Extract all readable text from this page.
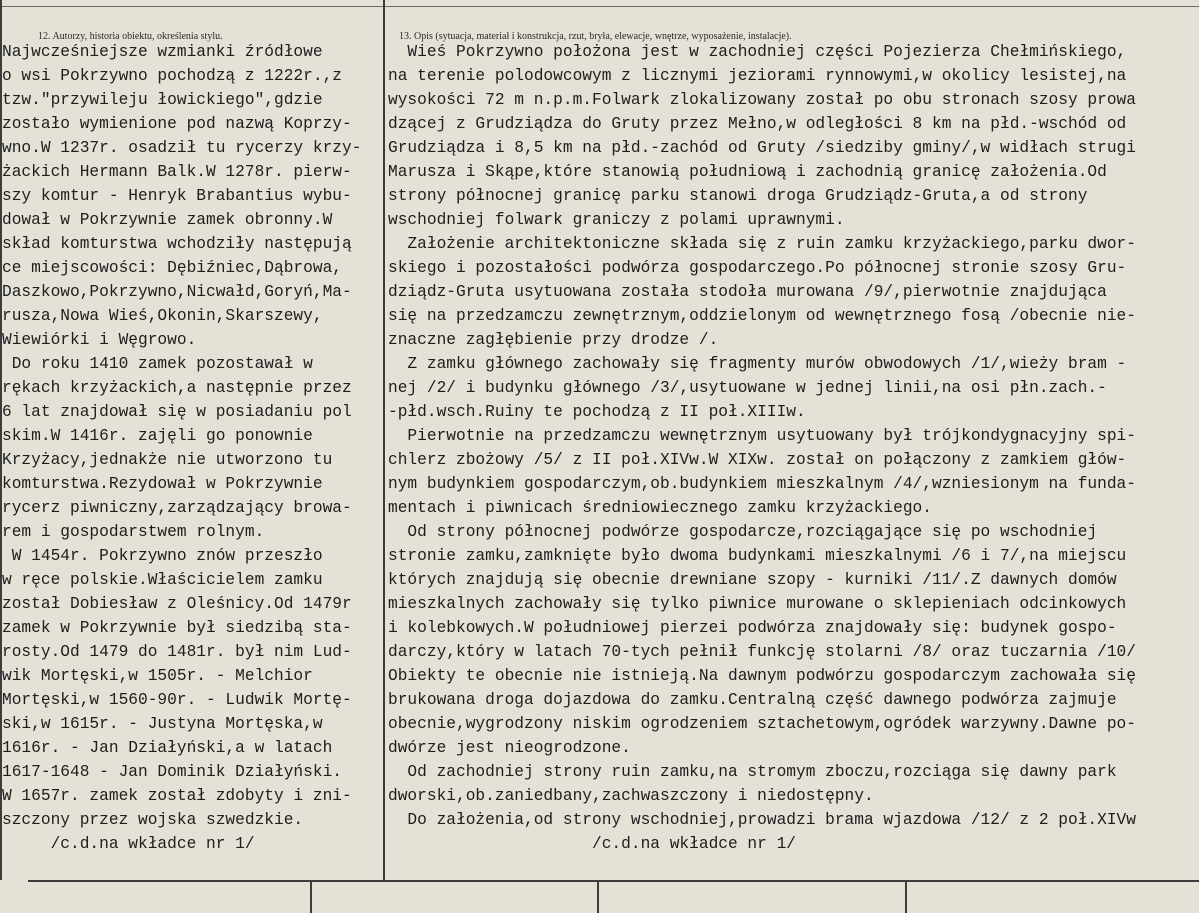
12. Autorzy, historia obiektu, określenia stylu.	13. Opis (sytuacja, materiał i konstrukcja, rzut, bryła, elewacje, wnętrze, wyposażenie, instalacje).
Najwcześniejsze wzmianki źródłowe
o wsi Pokrzywno pochodzą z 1222r.,z
tzw."przywileju łowickiego",gdzie
zostało wymienione pod nazwą Koprzy-
wno.W 1237r. osadził tu rycerzy krzy-
żackich Hermann Balk.W 1278r. pierw-
szy komtur - Henryk Brabantius wybu-
dował w Pokrzywnie zamek obronny.W
skład komturstwa wchodziły następują
ce miejscowości: Dębiźniec,Dąbrowa,
Daszkowo,Pokrzywno,Nicwałd,Goryń,Ma-
rusza,Nowa Wieś,Okonin,Skarszewy,
Wiewiórki i Węgrowo.
Do roku 1410 zamek pozostawał w
rękach krzyżackich,a następnie przez
6 lat znajdował się w posiadaniu pol
skim.W 1416r. zajęli go ponownie
Krzyżacy,jednakże nie utworzono tu
komturstwa.Rezydował w Pokrzywnie
rycerz piwniczny,zarządzający browa-
rem i gospodarstwem rolnym.
W 1454r. Pokrzywno znów przeszło
w ręce polskie.Właścicielem zamku
został Dobiesław z Oleśnicy.Od 1479r
zamek w Pokrzywnie był siedzibą sta-
rosty.Od 1479 do 1481r. był nim Lud-
wik Mortęski,w 1505r. - Melchior
Mortęski,w 1560-90r. - Ludwik Mortę-
ski,w 1615r. - Justyna Mortęska,w
1616r. - Jan Działyński,a w latach
1617-1648 - Jan Dominik Działyński.
W 1657r. zamek został zdobyty i zni-
szczony przez wojska szwedzkie.
/c.d.na wkładce nr 1/
Wieś Pokrzywno położona jest w zachodniej części Pojezierza Chełmińskiego,
na terenie polodowcowym z licznymi jeziorami rynnowymi,w okolicy lesistej,na
wysokości 72 m n.p.m.Folwark zlokalizowany został po obu stronach szosy prowa
dzącej z Grudziądza do Gruty przez Mełno,w odległości 8 km na płd.-wschód od
Grudziądza i 8,5 km na płd.-zachód od Gruty /siedziby gminy/,w widłach strugi
Marusza i Skąpe,które stanowią południową i zachodnią granicę założenia.Od
strony północnej granicę parku stanowi droga Grudziądz-Gruta,a od strony
wschodniej folwark graniczy z polami uprawnymi.
Założenie architektoniczne składa się z ruin zamku krzyżackiego,parku dwor-
skiego i pozostałości podwórza gospodarczego.Po północnej stronie szosy Gru-
dziądz-Gruta usytuowana została stodoła murowana /9/,pierwotnie znajdująca
się na przedzamczu zewnętrznym,oddzielonym od wewnętrznego fosą /obecnie nie-
znaczne zagłębienie przy drodze /.
Z zamku głównego zachowały się fragmenty murów obwodowych /1/,wieży bram -
nej /2/ i budynku głównego /3/,usytuowane w jednej linii,na osi płn.zach.-
-płd.wsch.Ruiny te pochodzą z II poł.XIIIw.
Pierwotnie na przedzamczu wewnętrznym usytuowany był trójkondygnacyjny spi-
chlerz zbożowy /5/ z II poł.XIVw.W XIXw. został on połączony z zamkiem głów-
nym budynkiem gospodarczym,ob.budynkiem mieszkalnym /4/,wzniesionym na funda-
mentach i piwnicach średniowiecznego zamku krzyżackiego.
Od strony północnej podwórze gospodarcze,rozciągające się po wschodniej
stronie zamku,zamknięte było dwoma budynkami mieszkalnymi /6 i 7/,na miejscu
których znajdują się obecnie drewniane szopy - kurniki /11/.Z dawnych domów
mieszkalnych zachowały się tylko piwnice murowane o sklepieniach odcinkowych
i kolebkowych.W południowej pierzei podwórza znajdowały się: budynek gospo-
darczy,który w latach 70-tych pełnił funkcję stolarni /8/ oraz tuczarnia /10/
Obiekty te obecnie nie istnieją.Na dawnym podwórzu gospodarczym zachowała się
brukowana droga dojazdowa do zamku.Centralną część dawnego podwórza zajmuje
obecnie,wygrodzony niskim ogrodzeniem sztachetowym,ogródek warzywny.Dawne po-
dwórze jest nieogrodzone.
Od zachodniej strony ruin zamku,na stromym zboczu,rozciąga się dawny park
dworski,ob.zaniedbany,zachwaszczony i niedostępny.
Do założenia,od strony wschodniej,prowadzi brama wjazdowa /12/ z 2 poł.XIVw
/c.d.na wkładce nr 1/
